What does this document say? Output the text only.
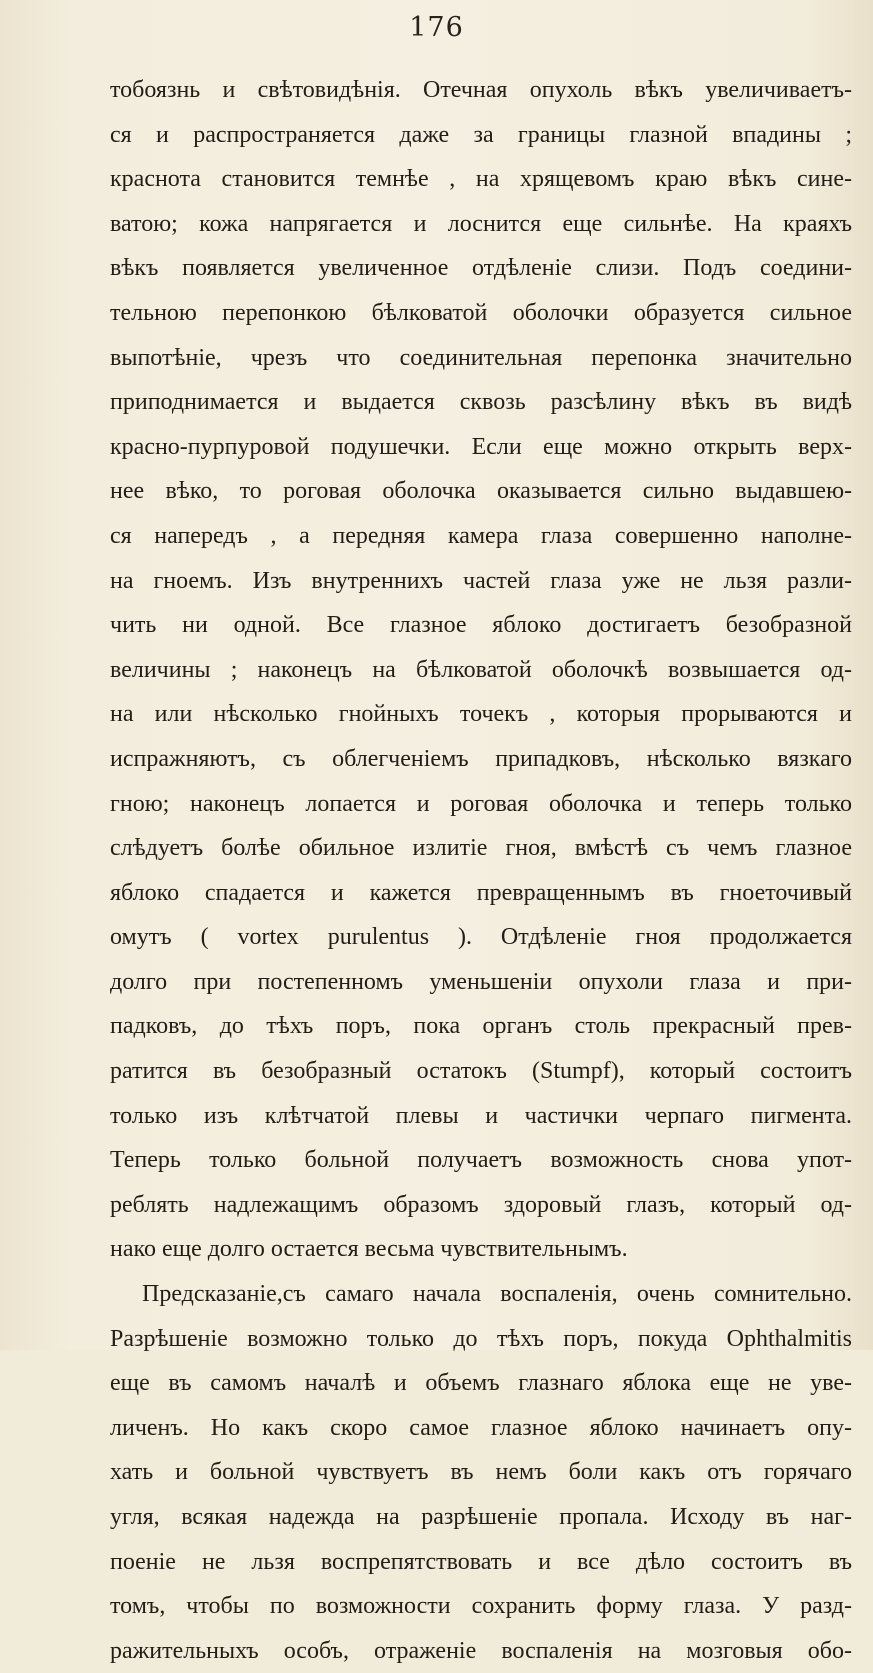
176
тобоязнь и свѣтовидѣнія. Отечная опухоль вѣкъ увеличиваетъ-
ся и распространяется даже за границы глазной впадины ;
краснота становится темнѣе , на хрящевомъ краю вѣкъ сине-
ватою; кожа напрягается и лоснится еще сильнѣе. На краяхъ
вѣкъ появляется увеличенное отдѣленіе слизи. Подъ соедини-
тельною перепонкою бѣлковатой оболочки образуется сильное
выпотѣніе, чрезъ что соединительная перепонка значительно
приподнимается и выдается сквозь разсѣлину вѣкъ въ видѣ
красно-пурпуровой подушечки. Если еще можно открыть верх-
нее вѣко, то роговая оболочка оказывается сильно выдавшею-
ся напередъ , а передняя камера глаза совершенно наполне-
на гноемъ. Изъ внутреннихъ частей глаза уже не льзя разли-
чить ни одной. Все глазное яблоко достигаетъ безобразной
величины ; наконецъ на бѣлковатой оболочкѣ возвышается од-
на или нѣсколько гнойныхъ точекъ , которыя прорываются и
испражняютъ, съ облегченіемъ припадковъ, нѣсколько вязкаго
гною; наконецъ лопается и роговая оболочка и теперь только
слѣдуетъ болѣе обильное излитіе гноя, вмѣстѣ съ чемъ глазное
яблоко спадается и кажется превращеннымъ въ гноеточивый
омутъ ( vortex purulentus ). Отдѣленіе гноя продолжается
долго при постепенномъ уменьшеніи опухоли глаза и при-
падковъ, до тѣхъ поръ, пока органъ столь прекрасный прев-
ратится въ безобразный остатокъ (Stumpf), который состоитъ
только изъ клѣтчатой плевы и частички черпаго пигмента.
Теперь только больной получаетъ возможность снова упот-
реблять надлежащимъ образомъ здоровый глазъ, который од-
нако еще долго остается весьма чувствительнымъ.
Предсказаніе,съ самаго начала воспаленія, очень сомнительно.
Разрѣшеніе возможно только до тѣхъ поръ, покуда Ophthalmitis
еще въ самомъ началѣ и объемъ глазнаго яблока еще не уве-
личенъ. Но какъ скоро самое глазное яблоко начинаетъ опу-
хать и больной чувствуетъ въ немъ боли какъ отъ горячаго
угля, всякая надежда на разрѣшеніе пропала. Исходу въ наг-
поеніе не льзя воспрепятствовать и все дѣло состоитъ въ
томъ, чтобы по возможности сохранить форму глаза. У разд-
ражительныхъ особъ, отраженіе воспаленія на мозговыя обо-
